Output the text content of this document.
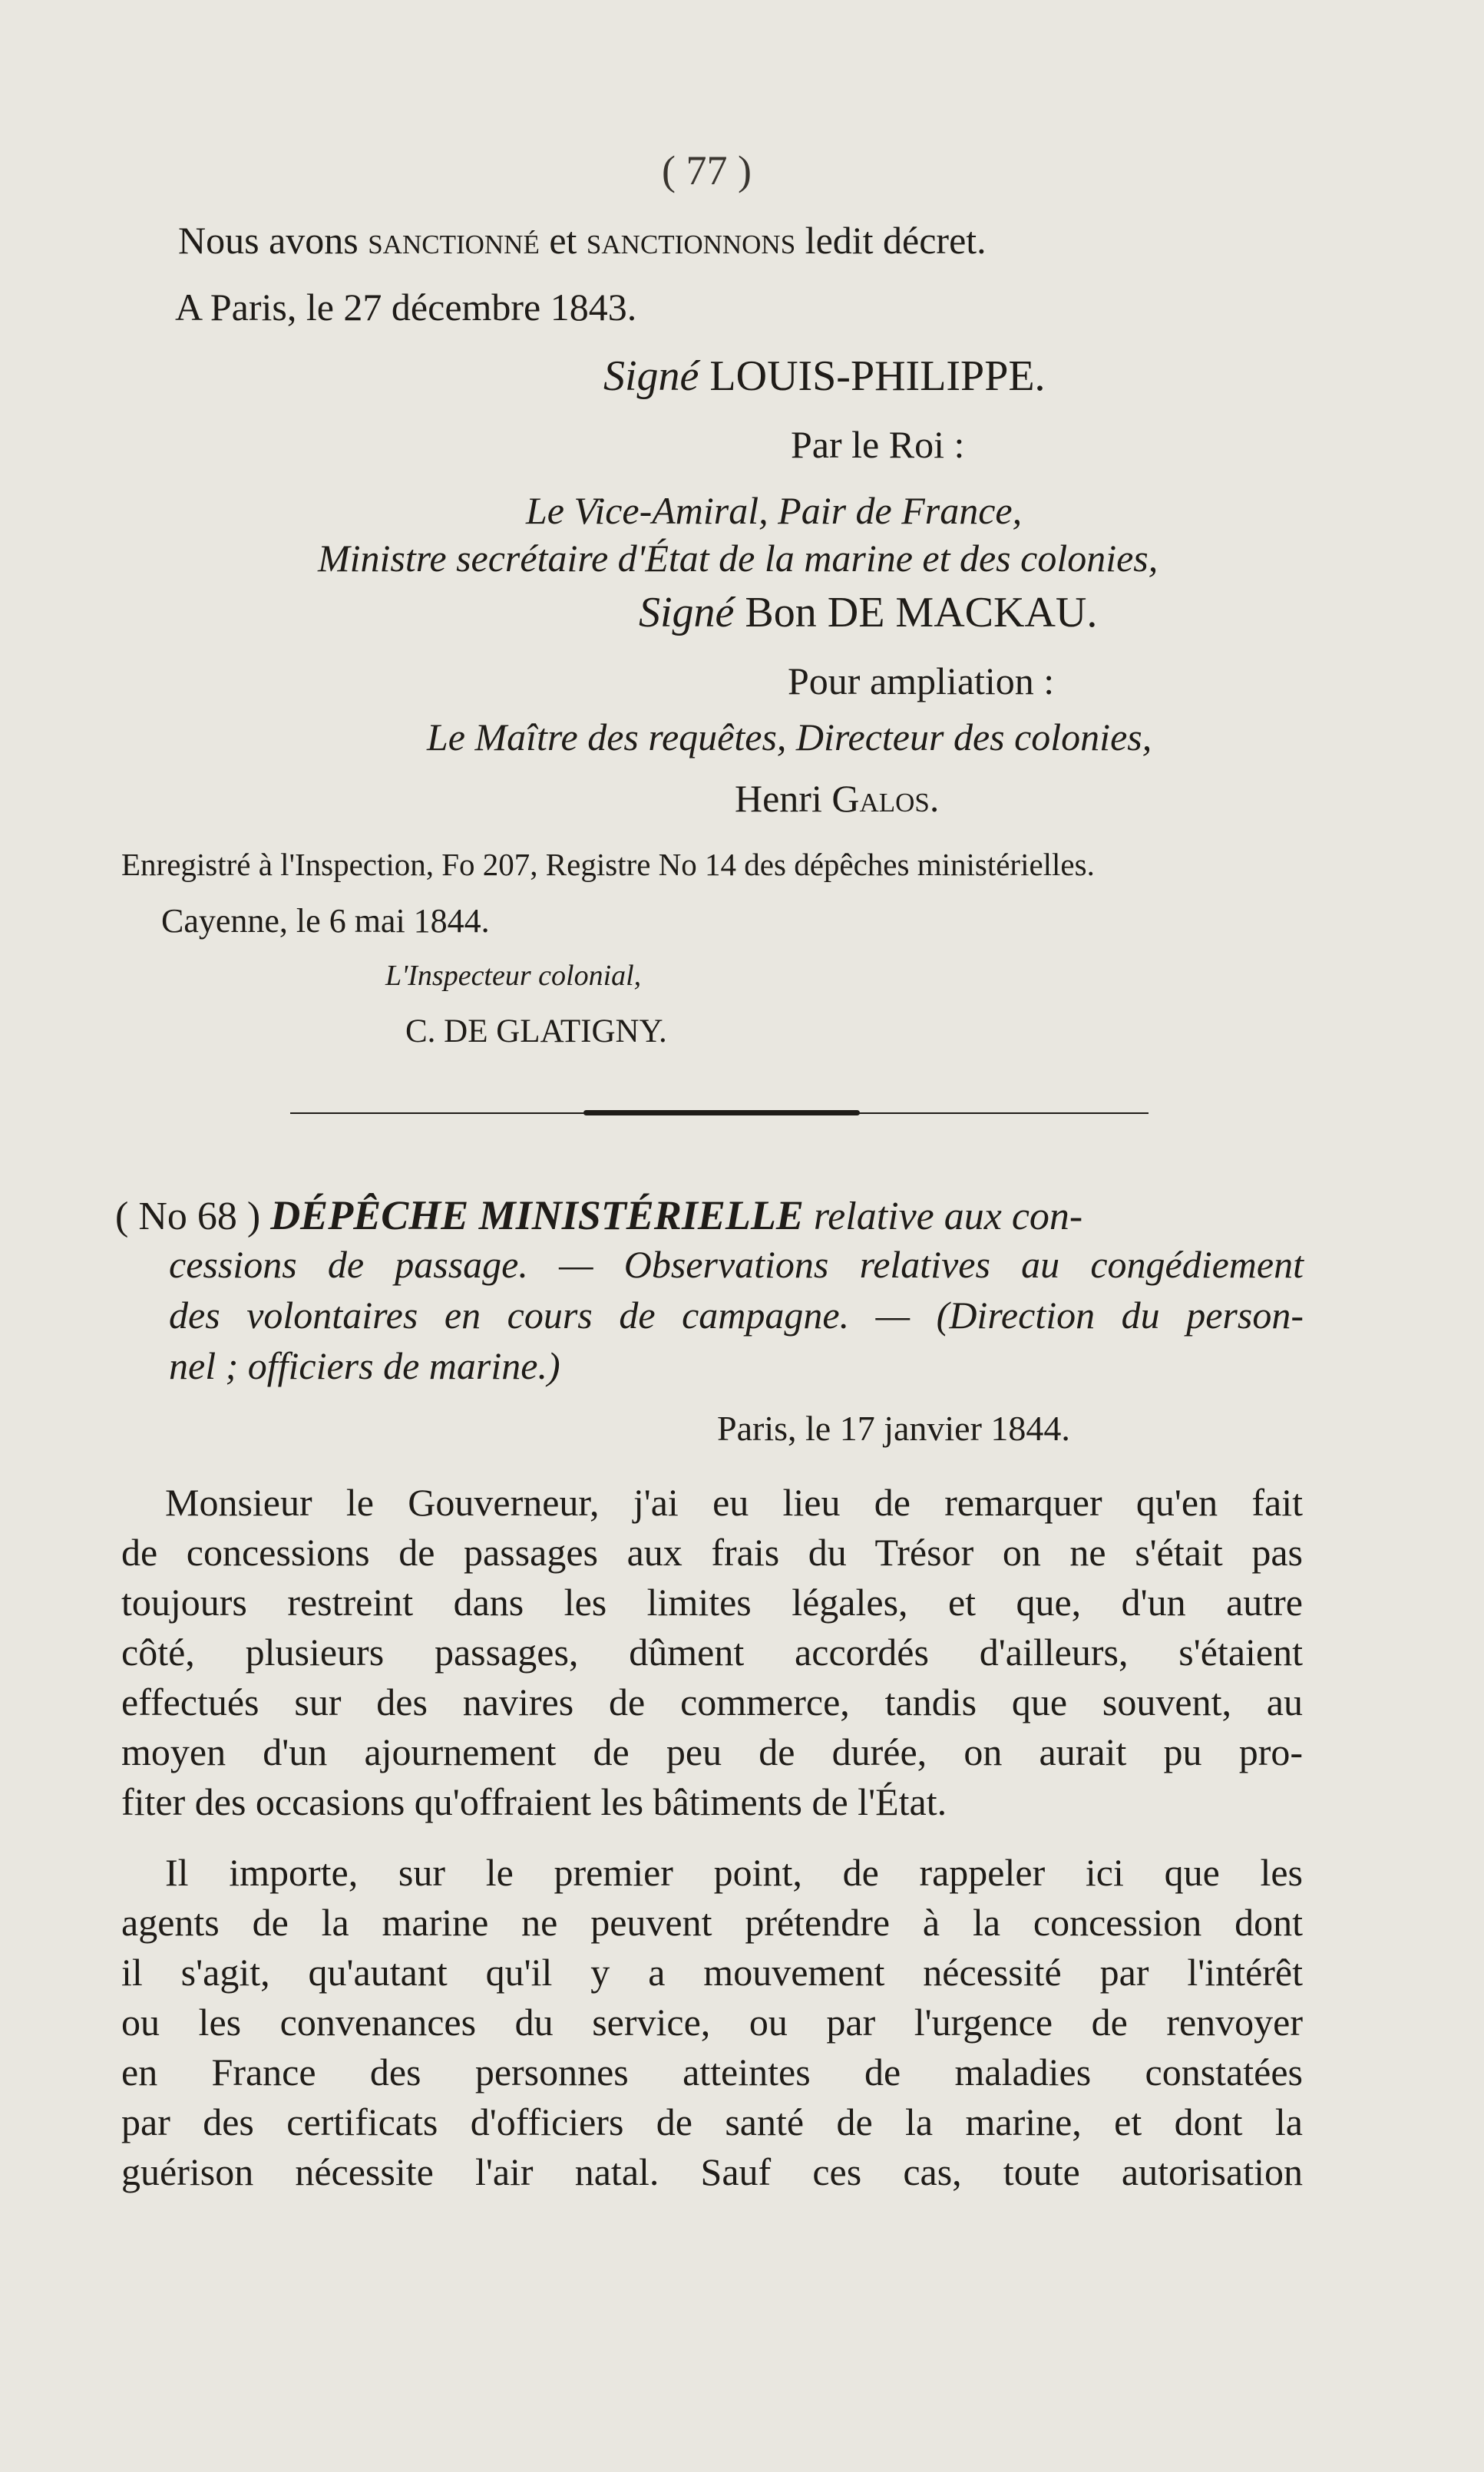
( 77 )
Nous avons sanctionné et sanctionnons ledit décret.
A Paris, le 27 décembre 1843.
Signé LOUIS-PHILIPPE.
Par le Roi :
Le Vice-Amiral, Pair de France,
Ministre secrétaire d'État de la marine et des colonies,
Signé Bon DE MACKAU.
Pour ampliation :
Le Maître des requêtes, Directeur des colonies,
Henri Galos.
Enregistré à l'Inspection, Fo 207, Registre No 14 des dépêches ministérielles.
Cayenne, le 6 mai 1844.
L'Inspecteur colonial,
C. DE GLATIGNY.
( No 68 ) DÉPÊCHE MINISTÉRIELLE relative aux con-
cessions de passage. — Observations relatives au congédiement
des volontaires en cours de campagne. — (Direction du person-
nel ; officiers de marine.)
Paris, le 17 janvier 1844.
Monsieur le Gouverneur, j'ai eu lieu de remarquer qu'en fait
de concessions de passages aux frais du Trésor on ne s'était pas
toujours restreint dans les limites légales, et que, d'un autre
côté, plusieurs passages, dûment accordés d'ailleurs, s'étaient
effectués sur des navires de commerce, tandis que souvent, au
moyen d'un ajournement de peu de durée, on aurait pu pro-
fiter des occasions qu'offraient les bâtiments de l'État.
Il importe, sur le premier point, de rappeler ici que les
agents de la marine ne peuvent prétendre à la concession dont
il s'agit, qu'autant qu'il y a mouvement nécessité par l'intérêt
ou les convenances du service, ou par l'urgence de renvoyer
en France des personnes atteintes de maladies constatées
par des certificats d'officiers de santé de la marine, et dont la
guérison nécessite l'air natal. Sauf ces cas, toute autorisation
